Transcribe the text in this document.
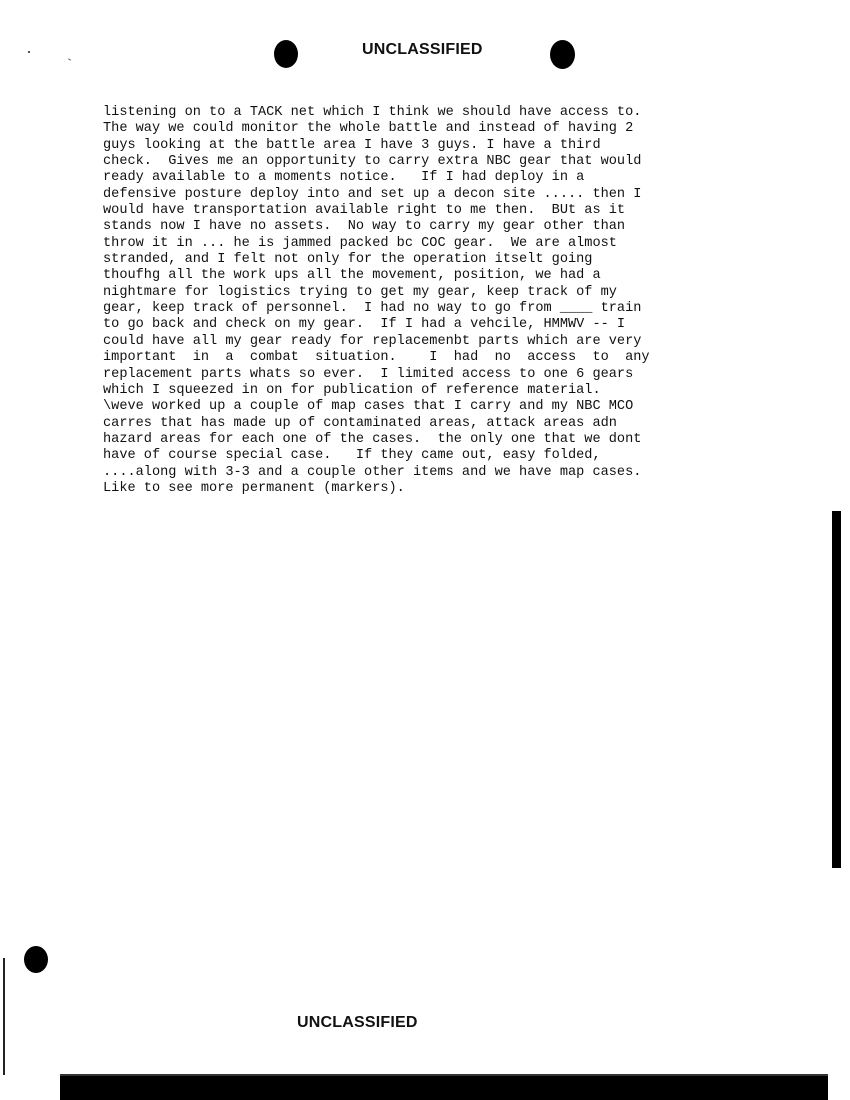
UNCLASSIFIED
listening on to a TACK net which I think we should have access to.
The way we could monitor the whole battle and instead of having 2
guys looking at the battle area I have 3 guys. I have a third
check.  Gives me an opportunity to carry extra NBC gear that would
ready available to a moments notice.   If I had deploy in a
defensive posture deploy into and set up a decon site ..... then I
would have transportation available right to me then.  BUt as it
stands now I have no assets.  No way to carry my gear other than
throw it in ... he is jammed packed bc COC gear.  We are almost
stranded, and I felt not only for the operation itselt going
thoufhg all the work ups all the movement, position, we had a
nightmare for logistics trying to get my gear, keep track of my
gear, keep track of personnel.  I had no way to go from ____ train
to go back and check on my gear.  If I had a vehcile, HMMWV -- I
could have all my gear ready for replacemenbt parts which are very
important  in  a  combat  situation.    I  had  no  access  to  any
replacement parts whats so ever.  I limited access to one 6 gears
which I squeezed in on for publication of reference material.
\weve worked up a couple of map cases that I carry and my NBC MCO
carres that has made up of contaminated areas, attack areas adn
hazard areas for each one of the cases.  the only one that we dont
have of course special case.   If they came out, easy folded,
....along with 3-3 and a couple other items and we have map cases.
Like to see more permanent (markers).
UNCLASSIFIED
